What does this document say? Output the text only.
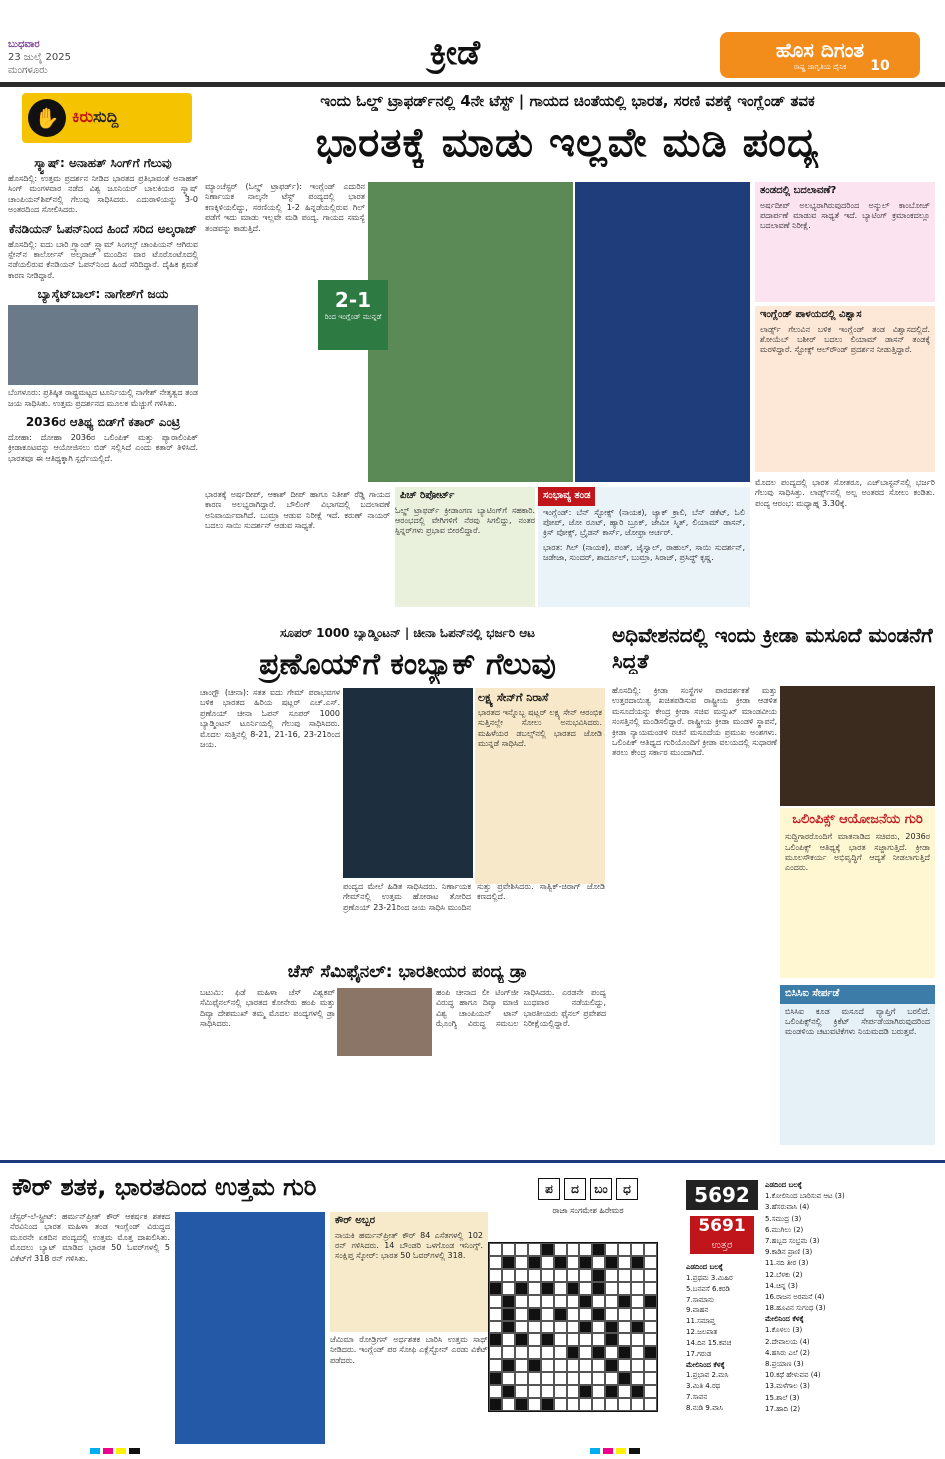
ಬುಧವಾರ
23 ಜುಲೈ 2025
ಮಂಗಳೂರು	ಕ್ರೀಡೆ	ಹೊಸ ದಿಗಂತ
ರಾಷ್ಟ್ರ ಜಾಗೃತಿಯ ದೈನಿಕ	10
✋ ಕಿರುಸುದ್ದಿ
ಸ್ಕ್ವಾಷ್: ಅನಾಹತ್ ಸಿಂಗ್‌ಗೆ ಗೆಲುವು
ಹೊಸದಿಲ್ಲಿ: ಉತ್ತಮ ಪ್ರದರ್ಶನ ನೀಡಿದ ಭಾರತದ ಪ್ರತಿಭಾವಂತೆ ಅನಾಹತ್ ಸಿಂಗ್ ಮಂಗಳವಾರ ನಡೆದ ವಿಶ್ವ ಜೂನಿಯರ್ ಬಾಲಕಿಯರ ಸ್ಕ್ವಾಷ್ ಚಾಂಪಿಯನ್‌ಶಿಪ್‌ನಲ್ಲಿ ಗೆಲುವು ಸಾಧಿಸಿದರು. ಎದುರಾಳಿಯನ್ನು 3-0 ಅಂತರದಿಂದ ಸೋಲಿಸಿದರು.
ಕೆನಡಿಯನ್ ಓಪನ್‌ನಿಂದ ಹಿಂದೆ ಸರಿದ ಅಲ್ಕರಾಜ್
ಹೊಸದಿಲ್ಲಿ: ಐದು ಬಾರಿ ಗ್ರ್ಯಾಂಡ್ ಸ್ಲ್ಯಾಮ್ ಸಿಂಗಲ್ಸ್ ಚಾಂಪಿಯನ್ ಆಗಿರುವ ಸ್ಪೇನ್‌ನ ಕಾರ್ಲೋಸ್ ಅಲ್ಕರಾಜ್ ಮುಂದಿನ ವಾರ ಟೊರೊಂಟೊದಲ್ಲಿ ನಡೆಯಲಿರುವ ಕೆನಡಿಯನ್ ಓಪನ್‌ನಿಂದ ಹಿಂದೆ ಸರಿದಿದ್ದಾರೆ. ದೈಹಿಕ ಕ್ಷಮತೆ ಕಾರಣ ನೀಡಿದ್ದಾರೆ.
ಬ್ಯಾಸ್ಕೆಟ್‌ಬಾಲ್: ನಾಗೇಶ್‌ಗೆ ಜಯ
ಬೆಂಗಳೂರು: ಪ್ರತಿಷ್ಠಿತ ರಾಷ್ಟ್ರಮಟ್ಟದ ಟೂರ್ನಿಯಲ್ಲಿ ನಾಗೇಶ್ ನೇತೃತ್ವದ ತಂಡ ಜಯ ಸಾಧಿಸಿತು. ಉತ್ತಮ ಪ್ರದರ್ಶನದ ಮೂಲಕ ಮೆಚ್ಚುಗೆ ಗಳಿಸಿತು.
2036ರ ಆತಿಥ್ಯ ಬಿಡ್‌ಗೆ ಕತಾರ್ ಎಂಟ್ರಿ
ದೋಹಾ: ದೋಹಾ 2036ರ ಒಲಿಂಪಿಕ್ ಮತ್ತು ಪ್ಯಾರಾಲಿಂಪಿಕ್ ಕ್ರೀಡಾಕೂಟವನ್ನು ಆಯೋಜಿಸಲು ಬಿಡ್ ಸಲ್ಲಿಸಿದೆ ಎಂದು ಕತಾರ್ ತಿಳಿಸಿದೆ. ಭಾರತವೂ ಈ ಆತಿಥ್ಯಕ್ಕಾಗಿ ಸ್ಪರ್ಧೆಯಲ್ಲಿದೆ.
ಇಂದು ಓಲ್ಡ್ ಟ್ರಾಫರ್ಡ್‌ನಲ್ಲಿ 4ನೇ ಟೆಸ್ಟ್ | ಗಾಯದ ಚಿಂತೆಯಲ್ಲಿ ಭಾರತ, ಸರಣಿ ವಶಕ್ಕೆ ಇಂಗ್ಲೆಂಡ್ ತವಕ
ಭಾರತಕ್ಕೆ ಮಾಡು ಇಲ್ಲವೇ ಮಡಿ ಪಂದ್ಯ
ಮ್ಯಾಂಚೆಸ್ಟರ್ (ಓಲ್ಡ್ ಟ್ರಾಫರ್ಡ್): ಇಂಗ್ಲೆಂಡ್ ಎದುರಿನ ನಿರ್ಣಾಯಕ ನಾಲ್ಕನೇ ಟೆಸ್ಟ್ ಪಂದ್ಯದಲ್ಲಿ ಭಾರತ ಕಣಕ್ಕಿಳಿಯಲಿದ್ದು, ಸರಣಿಯಲ್ಲಿ 1-2 ಹಿನ್ನಡೆಯಲ್ಲಿರುವ ಗಿಲ್ ಪಡೆಗೆ ಇದು ಮಾಡು ಇಲ್ಲವೇ ಮಡಿ ಪಂದ್ಯ. ಗಾಯದ ಸಮಸ್ಯೆ ತಂಡವನ್ನು ಕಾಡುತ್ತಿದೆ.
2-1
ರಿಂದ ಇಂಗ್ಲೆಂಡ್ ಮುನ್ನಡೆ
ಭಾರತಕ್ಕೆ ಅರ್ಷದೀಪ್, ಆಕಾಶ್ ದೀಪ್ ಹಾಗೂ ನಿತೀಶ್ ರೆಡ್ಡಿ ಗಾಯದ ಕಾರಣ ಅಲಭ್ಯರಾಗಿದ್ದಾರೆ. ಬೌಲಿಂಗ್ ವಿಭಾಗದಲ್ಲಿ ಬದಲಾವಣೆ ಅನಿವಾರ್ಯವಾಗಿದೆ. ಬುಮ್ರಾ ಆಡುವ ನಿರೀಕ್ಷೆ ಇದೆ. ಕರುಣ್ ನಾಯರ್ ಬದಲು ಸಾಯಿ ಸುದರ್ಶನ್ ಆಡುವ ಸಾಧ್ಯತೆ.
ಪಿಚ್ ರಿಪೋರ್ಟ್

ಓಲ್ಡ್ ಟ್ರಾಫರ್ಡ್ ಕ್ರೀಡಾಂಗಣ ಬ್ಯಾಟಿಂಗ್‌ಗೆ ಸಹಕಾರಿ. ಆರಂಭದಲ್ಲಿ ವೇಗಿಗಳಿಗೆ ನೆರವು ಸಿಗಲಿದ್ದು, ನಂತರ ಸ್ಪಿನ್ನರ್‌ಗಳು ಪ್ರಭಾವ ಬೀರಲಿದ್ದಾರೆ.

ಸಂಭಾವ್ಯ ತಂಡ

ಇಂಗ್ಲೆಂಡ್: ಬೆನ್ ಸ್ಟೋಕ್ಸ್ (ನಾಯಕ), ಜ್ಯಾಕ್ ಕ್ರಾಲಿ, ಬೆನ್ ಡಕೆಟ್, ಓಲಿ ಪೋಪ್, ಜೋ ರೂಟ್, ಹ್ಯಾರಿ ಬ್ರೂಕ್, ಜೇಮೀ ಸ್ಮಿತ್, ಲಿಯಾಮ್ ಡಾಸನ್, ಕ್ರಿಸ್ ವೋಕ್ಸ್, ಬ್ರೈಡನ್ ಕಾರ್ಸ್, ಜೋಫ್ರಾ ಆರ್ಚರ್.

ಭಾರತ: ಗಿಲ್ (ನಾಯಕ), ಪಂತ್, ಜೈಸ್ವಾಲ್, ರಾಹುಲ್, ಸಾಯಿ ಸುದರ್ಶನ್, ಜಡೇಜಾ, ಸುಂದರ್, ಶಾರ್ದೂಲ್, ಬುಮ್ರಾ, ಸಿರಾಜ್, ಪ್ರಸಿದ್ಧ್ ಕೃಷ್ಣ.

ತಂಡದಲ್ಲಿ ಬದಲಾವಣೆ?

ಅರ್ಷದೀಪ್ ಅಲಭ್ಯರಾಗಿರುವುದರಿಂದ ಅನ್ಶುಲ್ ಕಾಂಬೋಜ್ ಪದಾರ್ಪಣೆ ಮಾಡುವ ಸಾಧ್ಯತೆ ಇದೆ. ಬ್ಯಾಟಿಂಗ್ ಕ್ರಮಾಂಕದಲ್ಲೂ ಬದಲಾವಣೆ ನಿರೀಕ್ಷೆ.

ಇಂಗ್ಲೆಂಡ್ ಪಾಳಯದಲ್ಲಿ ವಿಶ್ವಾಸ

ಲಾರ್ಡ್ಸ್ ಗೆಲುವಿನ ಬಳಿಕ ಇಂಗ್ಲೆಂಡ್ ತಂಡ ವಿಶ್ವಾಸದಲ್ಲಿದೆ. ಶೋಯೆಬ್ ಬಶೀರ್ ಬದಲು ಲಿಯಾಮ್ ಡಾಸನ್ ತಂಡಕ್ಕೆ ಮರಳಿದ್ದಾರೆ. ಸ್ಟೋಕ್ಸ್ ಆಲ್‌ರೌಂಡ್ ಪ್ರದರ್ಶನ ನೀಡುತ್ತಿದ್ದಾರೆ.

ಮೊದಲ ಪಂದ್ಯದಲ್ಲಿ ಭಾರತ ಸೋತರೂ, ಎಜ್‌ಬಾಸ್ಟನ್‌ನಲ್ಲಿ ಭರ್ಜರಿ ಗೆಲುವು ಸಾಧಿಸಿತ್ತು. ಲಾರ್ಡ್ಸ್‌ನಲ್ಲಿ ಅಲ್ಪ ಅಂತರದ ಸೋಲು ಕಂಡಿತು. ಪಂದ್ಯ ಆರಂಭ: ಮಧ್ಯಾಹ್ನ 3.30ಕ್ಕೆ.
ಸೂಪರ್ 1000 ಬ್ಯಾಡ್ಮಿಂಟನ್ | ಚೀನಾ ಓಪನ್‌ನಲ್ಲಿ ಭರ್ಜರಿ ಆಟ
ಪ್ರಣೊಯ್‌ಗೆ ಕಂಬ್ಯಾಕ್ ಗೆಲುವು
ಚಾಂಗ್ಝೌ (ಚೀನಾ): ಸತತ ಐದು ಗೇಮ್ ಪರಾಭವಗಳ ಬಳಿಕ ಭಾರತದ ಹಿರಿಯ ಷಟ್ಲರ್ ಎಚ್.ಎಸ್. ಪ್ರಣೊಯ್ ಚೀನಾ ಓಪನ್ ಸೂಪರ್ 1000 ಬ್ಯಾಡ್ಮಿಂಟನ್ ಟೂರ್ನಿಯಲ್ಲಿ ಗೆಲುವು ಸಾಧಿಸಿದರು. ಮೊದಲ ಸುತ್ತಿನಲ್ಲಿ 8-21, 21-16, 23-21ರಿಂದ ಜಯ.
ಲಕ್ಷ್ಯ ಸೇನ್‌ಗೆ ನಿರಾಸೆ

ಭಾರತದ ಇನ್ನೊಬ್ಬ ಷಟ್ಲರ್ ಲಕ್ಷ್ಯ ಸೇನ್ ಆರಂಭಿಕ ಸುತ್ತಿನಲ್ಲೇ ಸೋಲು ಅನುಭವಿಸಿದರು. ಮಹಿಳೆಯರ ಡಬಲ್ಸ್‌ನಲ್ಲಿ ಭಾರತದ ಜೋಡಿ ಮುನ್ನಡೆ ಸಾಧಿಸಿದೆ.

ಪಂದ್ಯದ ಮೇಲೆ ಹಿಡಿತ ಸಾಧಿಸಿದರು. ನಿರ್ಣಾಯಕ ಗೇಮ್‌ನಲ್ಲಿ ಉತ್ತಮ ಹೋರಾಟ ತೋರಿದ ಪ್ರಣೊಯ್ 23-21ರಿಂದ ಜಯ ಸಾಧಿಸಿ ಮುಂದಿನ ಸುತ್ತು ಪ್ರವೇಶಿಸಿದರು. ಸಾತ್ವಿಕ್-ಚಿರಾಗ್ ಜೋಡಿ ಕಣದಲ್ಲಿದೆ.
ಅಧಿವೇಶನದಲ್ಲಿ ಇಂದು ಕ್ರೀಡಾ ಮಸೂದೆ ಮಂಡನೆಗೆ ಸಿದ್ಧತೆ
ಹೊಸದಿಲ್ಲಿ: ಕ್ರೀಡಾ ಸಂಸ್ಥೆಗಳ ಪಾರದರ್ಶಕತೆ ಮತ್ತು ಉತ್ತರದಾಯಿತ್ವ ಖಚಿತಪಡಿಸುವ ರಾಷ್ಟ್ರೀಯ ಕ್ರೀಡಾ ಆಡಳಿತ ಮಸೂದೆಯನ್ನು ಕೇಂದ್ರ ಕ್ರೀಡಾ ಸಚಿವ ಮನ್ಸುಖ್ ಮಾಂಡವೀಯ ಸಂಸತ್ತಿನಲ್ಲಿ ಮಂಡಿಸಲಿದ್ದಾರೆ. ರಾಷ್ಟ್ರೀಯ ಕ್ರೀಡಾ ಮಂಡಳಿ ಸ್ಥಾಪನೆ, ಕ್ರೀಡಾ ನ್ಯಾಯಮಂಡಳಿ ರಚನೆ ಮಸೂದೆಯ ಪ್ರಮುಖ ಅಂಶಗಳು. ಒಲಿಂಪಿಕ್ ಆತಿಥ್ಯದ ಗುರಿಯೊಂದಿಗೆ ಕ್ರೀಡಾ ವಲಯದಲ್ಲಿ ಸುಧಾರಣೆ ತರಲು ಕೇಂದ್ರ ಸರ್ಕಾರ ಮುಂದಾಗಿದೆ.
ಒಲಿಂಪಿಕ್ಸ್ ಆಯೋಜನೆಯ ಗುರಿ

ಸುದ್ದಿಗಾರರೊಂದಿಗೆ ಮಾತನಾಡಿದ ಸಚಿವರು, 2036ರ ಒಲಿಂಪಿಕ್ಸ್ ಆತಿಥ್ಯಕ್ಕೆ ಭಾರತ ಸಜ್ಜಾಗುತ್ತಿದೆ. ಕ್ರೀಡಾ ಮೂಲಸೌಕರ್ಯ ಅಭಿವೃದ್ಧಿಗೆ ಆದ್ಯತೆ ನೀಡಲಾಗುತ್ತಿದೆ ಎಂದರು.

ಬಿಸಿಸಿಐ ಸೇರ್ಪಡೆ

ಬಿಸಿಸಿಐ ಕೂಡ ಮಸೂದೆ ವ್ಯಾಪ್ತಿಗೆ ಬರಲಿದೆ. ಒಲಿಂಪಿಕ್ಸ್‌ನಲ್ಲಿ ಕ್ರಿಕೆಟ್ ಸೇರ್ಪಡೆಯಾಗಿರುವುದರಿಂದ ಮಂಡಳಿಯ ಚಟುವಟಿಕೆಗಳು ನಿಯಮದಡಿ ಬರುತ್ತವೆ.

ಚೆಸ್ ಸೆಮಿಫೈನಲ್: ಭಾರತೀಯರ ಪಂದ್ಯ ಡ್ರಾ
ಬಟುಮಿ: ಫಿಡೆ ಮಹಿಳಾ ಚೆಸ್ ವಿಶ್ವಕಪ್ ಸೆಮಿಫೈನಲ್‌ನಲ್ಲಿ ಭಾರತದ ಕೋನೇರು ಹಂಪಿ ಮತ್ತು ದಿವ್ಯಾ ದೇಶಮುಖ್ ತಮ್ಮ ಮೊದಲ ಪಂದ್ಯಗಳಲ್ಲಿ ಡ್ರಾ ಸಾಧಿಸಿದರು.
ಹಂಪಿ ಚೀನಾದ ಲೀ ಟಿಂಗ್‌ಜೀ ವಿರುದ್ಧ ಹಾಗೂ ದಿವ್ಯಾ ಮಾಜಿ ವಿಶ್ವ ಚಾಂಪಿಯನ್ ಟಾನ್ ಝೊಂಗ್ಯಿ ವಿರುದ್ಧ ಸಮಬಲ ಸಾಧಿಸಿದರು. ಎರಡನೇ ಪಂದ್ಯ ಬುಧವಾರ ನಡೆಯಲಿದ್ದು, ಭಾರತೀಯರು ಫೈನಲ್ ಪ್ರವೇಶದ ನಿರೀಕ್ಷೆಯಲ್ಲಿದ್ದಾರೆ.
ಕೌರ್ ಶತಕ, ಭಾರತದಿಂದ ಉತ್ತಮ ಗುರಿ
ಚೆಸ್ಟರ್-ಲೆ-ಸ್ಟ್ರೀಟ್: ಹರ್ಮನ್‌ಪ್ರೀತ್ ಕೌರ್ ಆಕರ್ಷಕ ಶತಕದ ನೆರವಿನಿಂದ ಭಾರತ ಮಹಿಳಾ ತಂಡ ಇಂಗ್ಲೆಂಡ್ ವಿರುದ್ಧದ ಮೂರನೇ ಏಕದಿನ ಪಂದ್ಯದಲ್ಲಿ ಉತ್ತಮ ಮೊತ್ತ ದಾಖಲಿಸಿತು. ಮೊದಲು ಬ್ಯಾಟ್ ಮಾಡಿದ ಭಾರತ 50 ಓವರ್‌ಗಳಲ್ಲಿ 5 ವಿಕೆಟ್‌ಗೆ 318 ರನ್ ಗಳಿಸಿತು.
ಕೌರ್ ಅಬ್ಬರ

ನಾಯಕಿ ಹರ್ಮನ್‌ಪ್ರೀತ್ ಕೌರ್ 84 ಎಸೆತಗಳಲ್ಲಿ 102 ರನ್ ಗಳಿಸಿದರು. 14 ಬೌಂಡರಿ ಒಳಗೊಂಡ ಇನಿಂಗ್ಸ್. ಸಂಕ್ಷಿಪ್ತ ಸ್ಕೋರ್: ಭಾರತ 50 ಓವರ್‌ಗಳಲ್ಲಿ 318.

ಜೆಮಿಮಾ ರೋಡ್ರಿಗಸ್ ಅರ್ಧಶತಕ ಬಾರಿಸಿ ಉತ್ತಮ ಸಾಥ್ ನೀಡಿದರು. ಇಂಗ್ಲೆಂಡ್ ಪರ ಸೋಫಿ ಎಕ್ಲೆಸ್ಟೋನ್ ಎರಡು ವಿಕೆಟ್ ಪಡೆದರು.
ಪ	ದ	ಬಂ	ಧ
ರಾಜಾ ಸಂಗಮೇಶ ಹಿರೇಮಠ
5692
5691
ಉತ್ತರ
ಎಡದಿಂದ ಬಲಕ್ಕೆ
1.ಪ್ರಥಮ 3.ಮಿಹಿರ
5.ಬನವಸೆ 6.ಕರಡಿ
7.ಸಾಮಾನು
9.ವಾಹನ
11.ಸಮಾಪ್ತ
12.ಜಲಪಾತ
14.ದಿನ 15.ಕವಚ
17.ಗರುಡ
ಮೇಲಿನಿಂದ ಕೆಳಕ್ಕೆ
1.ಪ್ರಭಾವ 2.ಮಸಿ
3.ಮಿತಿ 4.ರಥ
7.ಸಾವನ
8.ನುಡಿ 9.ವಾಸಿ
ಎಡದಿಂದ ಬಲಕ್ಕೆ
1.ಕೋಲಿನಿಂದ ಬಾರಿಸುವ ಆಟ (3)
3.ಹೆಸರುವಾಸಿ (4)
5.ಸಮುದ್ರ (3)
6.ಮುಗಿಲು (2)
7.ಹಬ್ಬದ ಸಂಭ್ರಮ (3)
9.ಕಾಡಿನ ಪ್ರಾಣಿ (3)
11.ನದಿ ತೀರ (3)
12.ಬೆಳಕು (2)
14.ಚಿನ್ನ (3)
16.ರಾಜನ ಅರಮನೆ (4)
18.ಹೂವಿನ ಸುಗಂಧ (3)
ಮೇಲಿನಿಂದ ಕೆಳಕ್ಕೆ
1.ಕೊಳಲು (3)
2.ದೇವಾಲಯ (4)
4.ಹಸಿರು ಎಲೆ (2)
8.ಪ್ರಯಾಣ (3)
10.ಕಥೆ ಹೇಳುವವ (4)
13.ಮಳೆಗಾಲ (3)
15.ಶಾಲೆ (3)
17.ಹಾದಿ (2)
